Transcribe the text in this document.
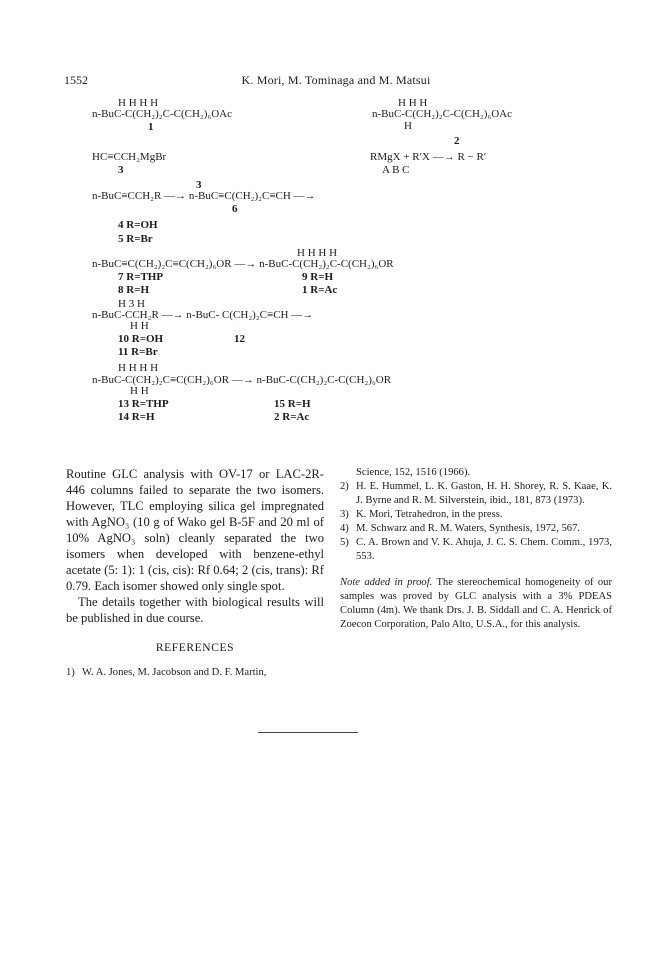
1552	K. Mori, M. Tominaga and M. Matsui
H H H H
n-BuC-C(CH₂)₂C-C(CH₂)₆OAc
1
H H H
n-BuC-C(CH₂)₂C-C(CH₂)₆OAc
H
2
HC≡CCH₂MgBr
3
RMgX + R′X —→ R − R′
A B C
3
n-BuC≡CCH₂R —→ n-BuC≡C(CH₂)₂C≡CH —→
6
4 R=OH
5 R=Br
H H H H
n-BuC≡C(CH₂)₂C≡C(CH₂)₆OR —→ n-BuC-C(CH₂)₂C-C(CH₂)₆OR
7 R=THP
8 R=H
9 R=H
1 R=Ac
H 3 H
n-BuC-CCH₂R —→ n-BuC- C(CH₂)₂C≡CH —→
H H
10 R=OH	12
11 R=Br
H H H H
n-BuC-C(CH₂)₂C≡C(CH₂)₆OR —→ n-BuC-C(CH₂)₂C-C(CH₂)₆OR
H H
13 R=THP
14 R=H
15 R=H
2 R=Ac

Routine GLC analysis with OV-17 or LAC-2R-446 columns failed to separate the two isomers. However, TLC employing silica gel impregnated with AgNO₃ (10 g of Wako gel B-5F and 20 ml of 10% AgNO₃ soln) cleanly separated the two isomers when developed with benzene-ethyl acetate (5: 1): 1 (cis, cis): Rf 0.64; 2 (cis, trans): Rf 0.79. Each isomer showed only single spot.

The details together with biological results will be published in due course.

REFERENCES
1) W. A. Jones, M. Jacobson and D. F. Martin,
Science, 152, 1516 (1966).
2) H. E. Hummel, L. K. Gaston, H. H. Shorey, R. S. Kaae, K. J. Byrne and R. M. Silverstein, ibid., 181, 873 (1973).
3) K. Mori, Tetrahedron, in the press.
4) M. Schwarz and R. M. Waters, Synthesis, 1972, 567.
5) C. A. Brown and V. K. Ahuja, J. C. S. Chem. Comm., 1973, 553.
Note added in proof. The stereochemical homogeneity of our samples was proved by GLC analysis with a 3% PDEAS Column (4m). We thank Drs. J. B. Siddall and C. A. Henrick of Zoecon Corporation, Palo Alto, U.S.A., for this analysis.
